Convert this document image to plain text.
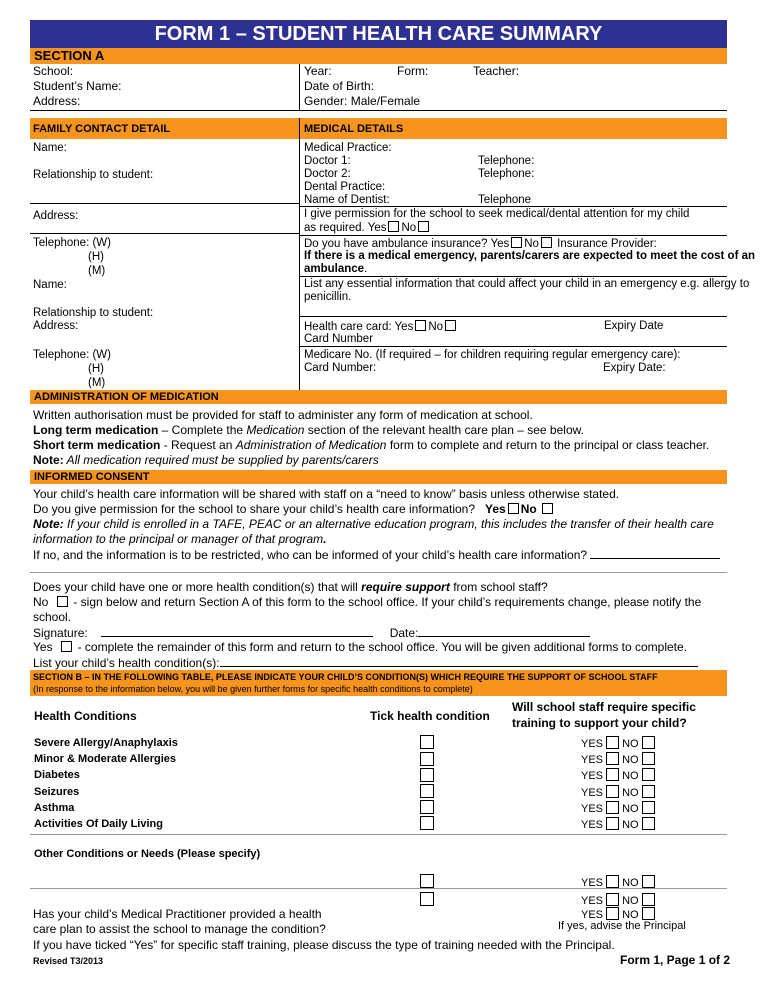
FORM 1 – STUDENT HEALTH CARE SUMMARY
SECTION A
School:
Student’s Name:
Address:
Year:	Form:	Teacher:
Date of Birth:
Gender: Male/Female
FAMILY CONTACT DETAIL	MEDICAL DETAILS
Name:
Relationship to student:
Address:
Telephone: (W)
(H)
(M)
Name:
Relationship to student:
Address:
Telephone: (W)
(H)
(M)
Medical Practice:
Doctor 1:	Telephone:
Doctor 2:	Telephone:
Dental Practice:
Name of Dentist:	Telephone
I give permission for the school to seek medical/dental attention for my child
as required. Yes No
Do you have ambulance insurance? Yes No Insurance Provider:
If there is a medical emergency, parents/carers are expected to meet the cost of an
ambulance.
List any essential information that could affect your child in an emergency e.g. allergy to
penicillin.
Health care card: Yes No	Expiry Date
Card Number
Medicare No. (If required – for children requiring regular emergency care):
Card Number:	Expiry Date:
ADMINISTRATION OF MEDICATION
Written authorisation must be provided for staff to administer any form of medication at school.
Long term medication – Complete the Medication section of the relevant health care plan – see below.
Short term medication - Request an Administration of Medication form to complete and return to the principal or class teacher.
Note: All medication required must be supplied by parents/carers
INFORMED CONSENT
Your child’s health care information will be shared with staff on a “need to know” basis unless otherwise stated.
Do you give permission for the school to share your child’s health care information? Yes No
Note: If your child is enrolled in a TAFE, PEAC or an alternative education program, this includes the transfer of their health care
information to the principal or manager of that program.
If no, and the information is to be restricted, who can be informed of your child’s health care information?
Does your child have one or more health condition(s) that will require support from school staff?
No   - sign below and return Section A of this form to the school office. If your child’s requirements change, please notify the
school.
Signature:	Date:
Yes   - complete the remainder of this form and return to the school office. You will be given additional forms to complete.
List your child’s health condition(s):
SECTION B – IN THE FOLLOWING TABLE, PLEASE INDICATE YOUR CHILD’S CONDITION(S) WHICH REQUIRE THE SUPPORT OF SCHOOL STAFF
(In response to the information below, you will be given further forms for specific health conditions to complete)
Health Conditions	Tick health condition
Will school staff require specific
training to support your child?
Severe Allergy/Anaphylaxis	YES NO
Minor & Moderate Allergies	YES NO
Diabetes	YES NO
Seizures	YES NO
Asthma	YES NO
Activities Of Daily Living	YES NO
Other Conditions or Needs (Please specify)
YES NO
YES NO
YES NO
Has your child’s Medical Practitioner provided a health
care plan to assist the school to manage the condition?	If yes, advise the Principal
If you have ticked “Yes” for specific staff training, please discuss the type of training needed with the Principal.
Revised T3/2013	Form 1, Page 1 of 2
